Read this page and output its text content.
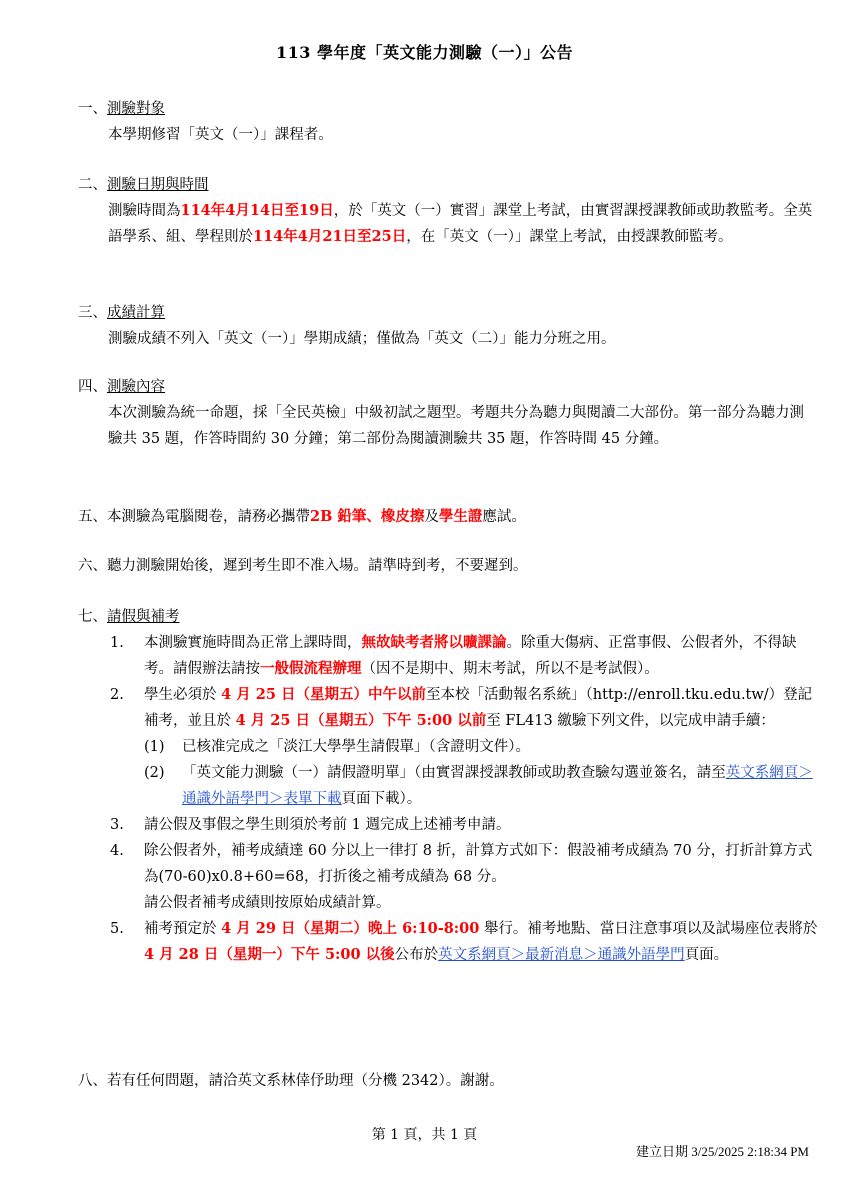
113 學年度「英文能力測驗（一）」公告
一、測驗對象
本學期修習「英文（一）」課程者。
二、測驗日期與時間
測驗時間為114年4月14日至19日，於「英文（一）實習」課堂上考試，由實習課授課教師或助教監考。全英語學系、組、學程則於114年4月21日至25日，在「英文（一）」課堂上考試，由授課教師監考。
三、成績計算
測驗成績不列入「英文（一）」學期成績；僅做為「英文（二）」能力分班之用。
四、測驗內容
本次測驗為統一命題，採「全民英檢」中級初試之題型。考題共分為聽力與閱讀二大部份。第一部分為聽力測驗共 35 題，作答時間約 30 分鐘；第二部份為閱讀測驗共 35 題，作答時間 45 分鐘。
五、本測驗為電腦閱卷，請務必攜帶2B 鉛筆、橡皮擦及學生證應試。
六、聽力測驗開始後，遲到考生即不准入場。請準時到考，不要遲到。
七、請假與補考
1. 本測驗實施時間為正常上課時間，無故缺考者將以曠課論。除重大傷病、正當事假、公假者外，不得缺考。請假辦法請按一般假流程辦理（因不是期中、期末考試，所以不是考試假）。
2. 學生必須於 4 月 25 日（星期五）中午以前至本校「活動報名系統」（http://enroll.tku.edu.tw/）登記補考，並且於 4 月 25 日（星期五）下午 5:00 以前至 FL413 繳驗下列文件，以完成申請手續：
(1) 已核准完成之「淡江大學學生請假單」（含證明文件）。
(2) 「英文能力測驗（一）請假證明單」（由實習課授課教師或助教查驗勾選並簽名，請至英文系網頁＞通識外語學門＞表單下載頁面下載）。
3. 請公假及事假之學生則須於考前 1 週完成上述補考申請。
4. 除公假者外，補考成績達 60 分以上一律打 8 折，計算方式如下：假設補考成績為 70 分，打折計算方式為(70-60)x0.8+60=68，打折後之補考成績為 68 分。
請公假者補考成績則按原始成績計算。
5. 補考預定於 4 月 29 日（星期二）晚上 6:10-8:00 舉行。補考地點、當日注意事項以及試場座位表將於 4 月 28 日（星期一）下午 5:00 以後公布於英文系網頁＞最新消息＞通識外語學門頁面。
八、若有任何問題，請洽英文系林倖伃助理（分機 2342）。謝謝。
第 1 頁，共 1 頁
建立日期 3/25/2025 2:18:34 PM
